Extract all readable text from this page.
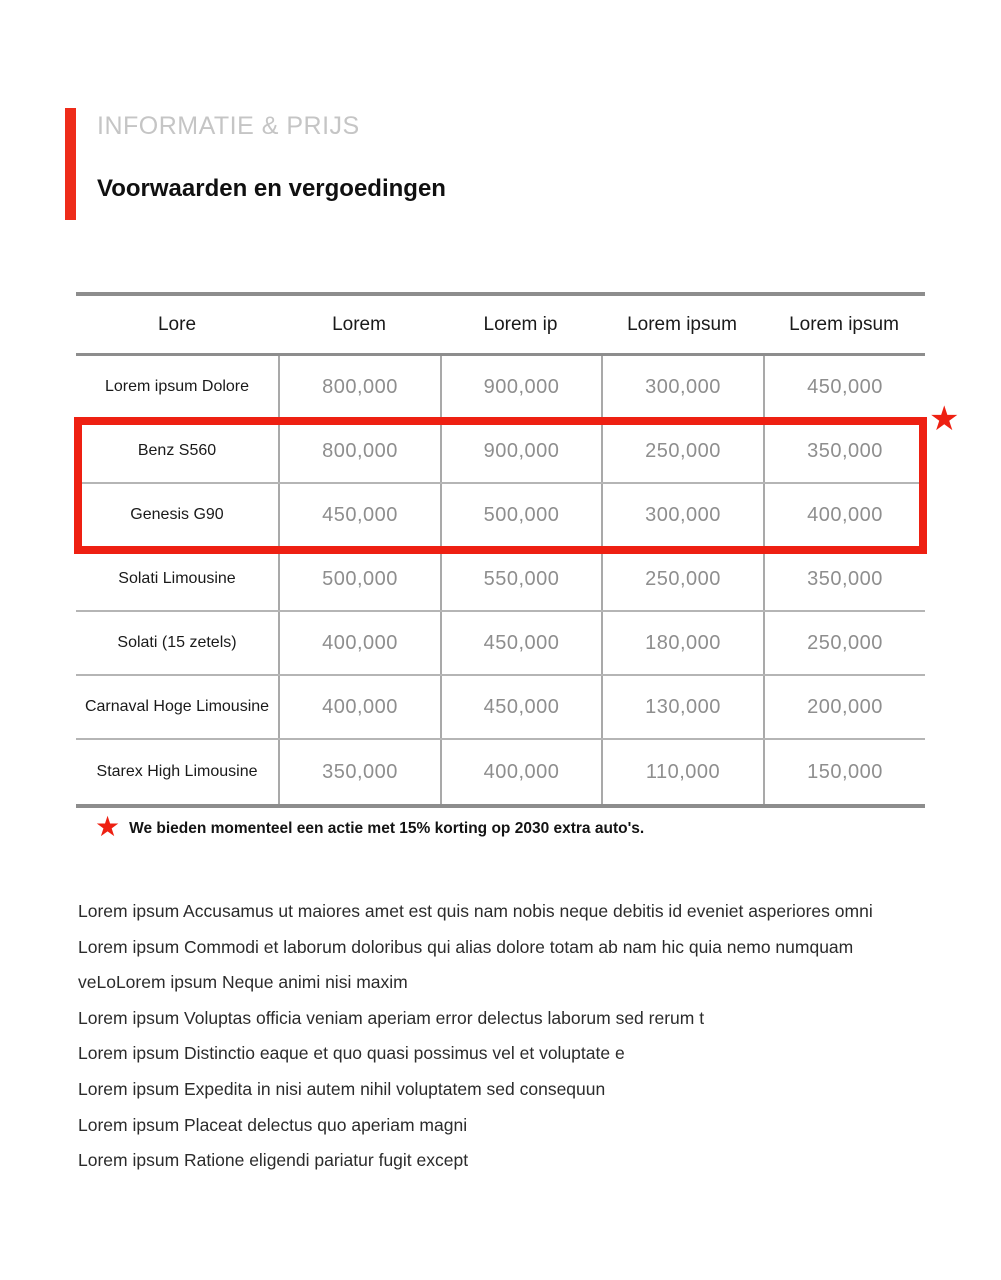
INFORMATIE & PRIJS
Voorwaarden en vergoedingen
Lore	Lorem	Lorem ip	Lorem ipsum	Lorem ipsum
Lorem ipsum Dolore	800,000	900,000	300,000	450,000
Benz S560	800,000	900,000	250,000	350,000
Genesis G90	450,000	500,000	300,000	400,000
Solati Limousine	500,000	550,000	250,000	350,000
Solati (15 zetels)	400,000	450,000	180,000	250,000
Carnaval Hoge Limousine	400,000	450,000	130,000	200,000
Starex High Limousine	350,000	400,000	110,000	150,000
★
★ We bieden momenteel een actie met 15% korting op 2030 extra auto's.
Lorem ipsum Accusamus ut maiores amet est quis nam nobis neque debitis id eveniet asperiores omni
Lorem ipsum Commodi et laborum doloribus qui alias dolore totam ab nam hic quia nemo numquam
veLoLorem ipsum Neque animi nisi maxim
Lorem ipsum Voluptas officia veniam aperiam error delectus laborum sed rerum t
Lorem ipsum Distinctio eaque et quo quasi possimus vel et voluptate e
Lorem ipsum Expedita in nisi autem nihil voluptatem sed consequun
Lorem ipsum Placeat delectus quo aperiam magni
Lorem ipsum Ratione eligendi pariatur fugit except
